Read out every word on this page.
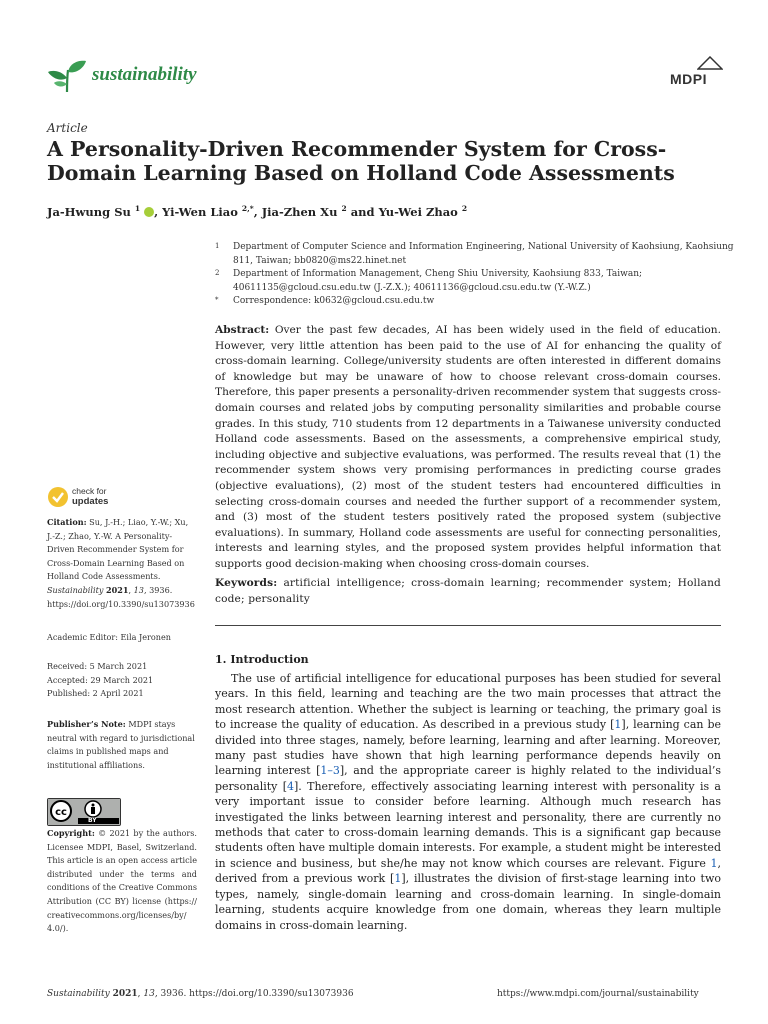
sustainability	MDPI
Article
A Personality-Driven Recommender System for Cross-Domain Learning Based on Holland Code Assessments
Ja-Hwung Su $^1$ , Yi-Wen Liao $^{2,*}$, Jia-Zhen Xu $^2$ and Yu-Wei Zhao $^2$
1 Department of Computer Science and Information Engineering, National University of Kaohsiung, Kaohsiung 811, Taiwan; bb0820@ms22.hinet.net
2 Department of Information Management, Cheng Shiu University, Kaohsiung 833, Taiwan; 40611135@gcloud.csu.edu.tw (J.-Z.X.); 40611136@gcloud.csu.edu.tw (Y.-W.Z.)
* Correspondence: k0632@gcloud.csu.edu.tw
Abstract: Over the past few decades, AI has been widely used in the field of education. However, very little attention has been paid to the use of AI for enhancing the quality of cross-domain learning. College/university students are often interested in different domains of knowledge but may be unaware of how to choose relevant cross-domain courses. Therefore, this paper presents a personality-driven recommender system that suggests cross-domain courses and related jobs by computing personality similarities and probable course grades. In this study, 710 students from 12 departments in a Taiwanese university conducted Holland code assessments. Based on the assessments, a comprehensive empirical study, including objective and subjective evaluations, was performed. The results reveal that (1) the recommender system shows very promising performances in predicting course grades (objective evaluations), (2) most of the student testers had encountered difficulties in selecting cross-domain courses and needed the further support of a recommender system, and (3) most of the student testers positively rated the proposed system (subjective evaluations). In summary, Holland code assessments are useful for connecting personalities, interests and learning styles, and the proposed system provides helpful information that supports good decision-making when choosing cross-domain courses.
Keywords: artificial intelligence; cross-domain learning; recommender system; Holland code; personality
1. Introduction

The use of artificial intelligence for educational purposes has been studied for several years. In this field, learning and teaching are the two main processes that attract the most research attention. Whether the subject is learning or teaching, the primary goal is to increase the quality of education. As described in a previous study [1], learning can be divided into three stages, namely, before learning, learning and after learning. Moreover, many past studies have shown that high learning performance depends heavily on learning interest [1–3], and the appropriate career is highly related to the individual’s personality [4]. Therefore, effectively associating learning interest with personality is a very important issue to consider before learning. Although much research has investigated the links between learning interest and personality, there are currently no methods that cater to cross-domain learning demands. This is a significant gap because students often have multiple domain interests. For example, a student might be interested in science and business, but she/he may not know which courses are relevant. Figure 1, derived from a previous work [1], illustrates the division of first-stage learning into two types, namely, single-domain learning and cross-domain learning. In single-domain learning, students acquire knowledge from one domain, whereas they learn multiple domains in cross-domain learning.

check for
updates
Citation: Su, J.-H.; Liao, Y.-W.; Xu, J.-Z.; Zhao, Y.-W. A Personality-Driven Recommender System for Cross-Domain Learning Based on Holland Code Assessments. Sustainability 2021, 13, 3936. https://doi.org/10.3390/su13073936
Academic Editor: Eila Jeronen
Received: 5 March 2021
Accepted: 29 March 2021
Published: 2 April 2021
Publisher’s Note: MDPI stays neutral with regard to jurisdictional claims in published maps and institutional affiliations.
cc
BY
Copyright: © 2021 by the authors. Licensee MDPI, Basel, Switzerland. This article is an open access article distributed under the terms and conditions of the Creative Commons Attribution (CC BY) license (https:// creativecommons.org/licenses/by/ 4.0/).
Sustainability 2021, 13, 3936. https://doi.org/10.3390/su13073936	https://www.mdpi.com/journal/sustainability
